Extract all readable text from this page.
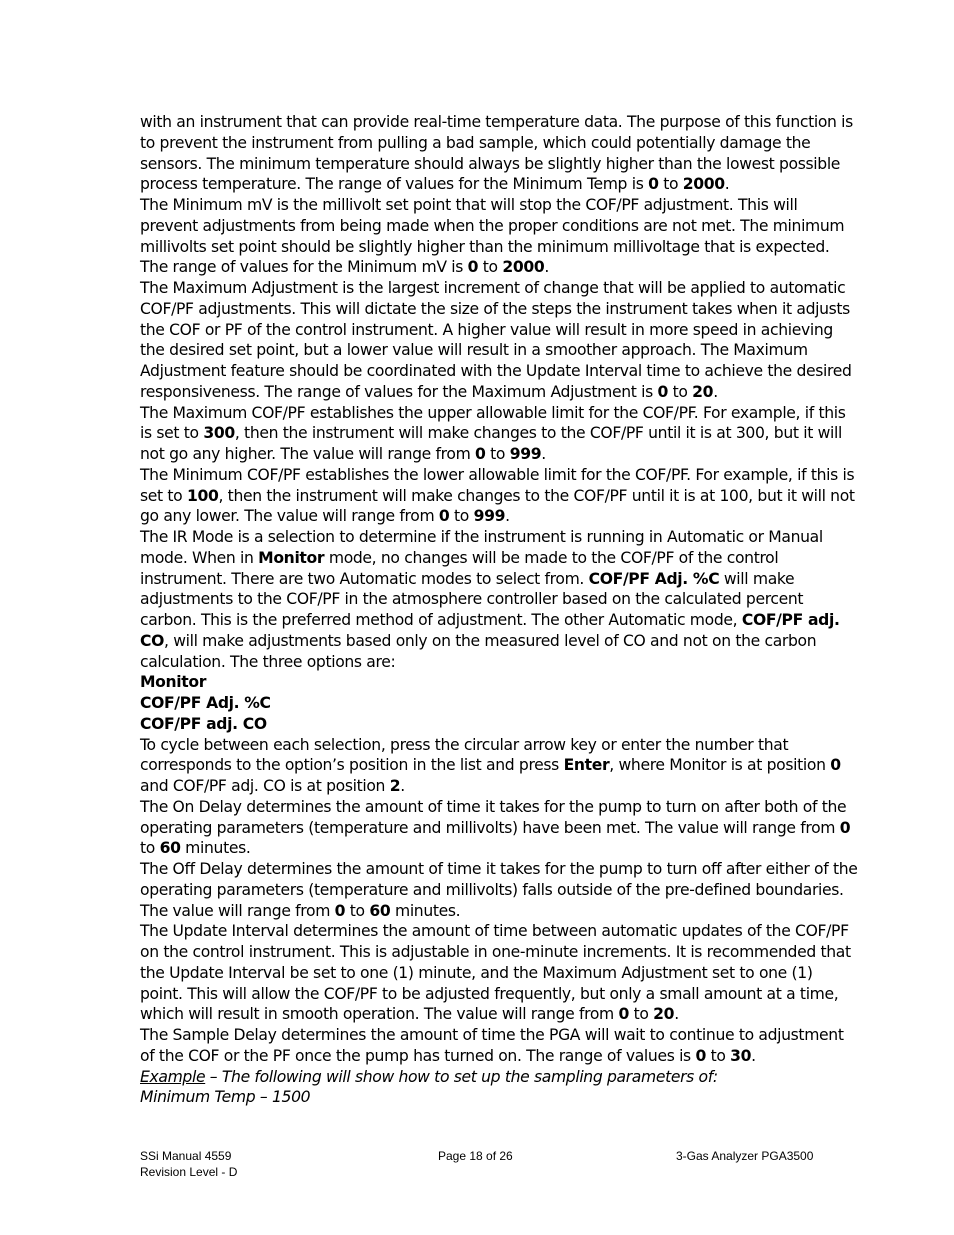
with an instrument that can provide real-time temperature data. The purpose of this function is to prevent the instrument from pulling a bad sample, which could potentially damage the sensors. The minimum temperature should always be slightly higher than the lowest possible process temperature. The range of values for the Minimum Temp is 0 to 2000.

The Minimum mV is the millivolt set point that will stop the COF/PF adjustment. This will prevent adjustments from being made when the proper conditions are not met. The minimum millivolts set point should be slightly higher than the minimum millivoltage that is expected. The range of values for the Minimum mV is 0 to 2000.

The Maximum Adjustment is the largest increment of change that will be applied to automatic COF/PF adjustments. This will dictate the size of the steps the instrument takes when it adjusts the COF or PF of the control instrument. A higher value will result in more speed in achieving the desired set point, but a lower value will result in a smoother approach. The Maximum Adjustment feature should be coordinated with the Update Interval time to achieve the desired responsiveness. The range of values for the Maximum Adjustment is 0 to 20.

The Maximum COF/PF establishes the upper allowable limit for the COF/PF. For example, if this is set to 300, then the instrument will make changes to the COF/PF until it is at 300, but it will not go any higher. The value will range from 0 to 999.

The Minimum COF/PF establishes the lower allowable limit for the COF/PF. For example, if this is set to 100, then the instrument will make changes to the COF/PF until it is at 100, but it will not go any lower. The value will range from 0 to 999.

The IR Mode is a selection to determine if the instrument is running in Automatic or Manual mode. When in Monitor mode, no changes will be made to the COF/PF of the control instrument. There are two Automatic modes to select from. COF/PF Adj. %C will make adjustments to the COF/PF in the atmosphere controller based on the calculated percent carbon. This is the preferred method of adjustment. The other Automatic mode, COF/PF adj. CO, will make adjustments based only on the measured level of CO and not on the carbon calculation. The three options are:

Monitor

COF/PF Adj. %C

COF/PF adj. CO

To cycle between each selection, press the circular arrow key or enter the number that corresponds to the option’s position in the list and press Enter, where Monitor is at position 0 and COF/PF adj. CO is at position 2.

The On Delay determines the amount of time it takes for the pump to turn on after both of the operating parameters (temperature and millivolts) have been met. The value will range from 0 to 60 minutes.

The Off Delay determines the amount of time it takes for the pump to turn off after either of the operating parameters (temperature and millivolts) falls outside of the pre-defined boundaries. The value will range from 0 to 60 minutes.

The Update Interval determines the amount of time between automatic updates of the COF/PF on the control instrument. This is adjustable in one-minute increments. It is recommended that the Update Interval be set to one (1) minute, and the Maximum Adjustment set to one (1) point. This will allow the COF/PF to be adjusted frequently, but only a small amount at a time, which will result in smooth operation. The value will range from 0 to 20.

The Sample Delay determines the amount of time the PGA will wait to continue to adjustment of the COF or the PF once the pump has turned on. The range of values is 0 to 30.

Example – The following will show how to set up the sampling parameters of:

Minimum Temp – 1500

SSi Manual 4559
Revision Level - D
Page 18 of 26	3-Gas Analyzer PGA3500
